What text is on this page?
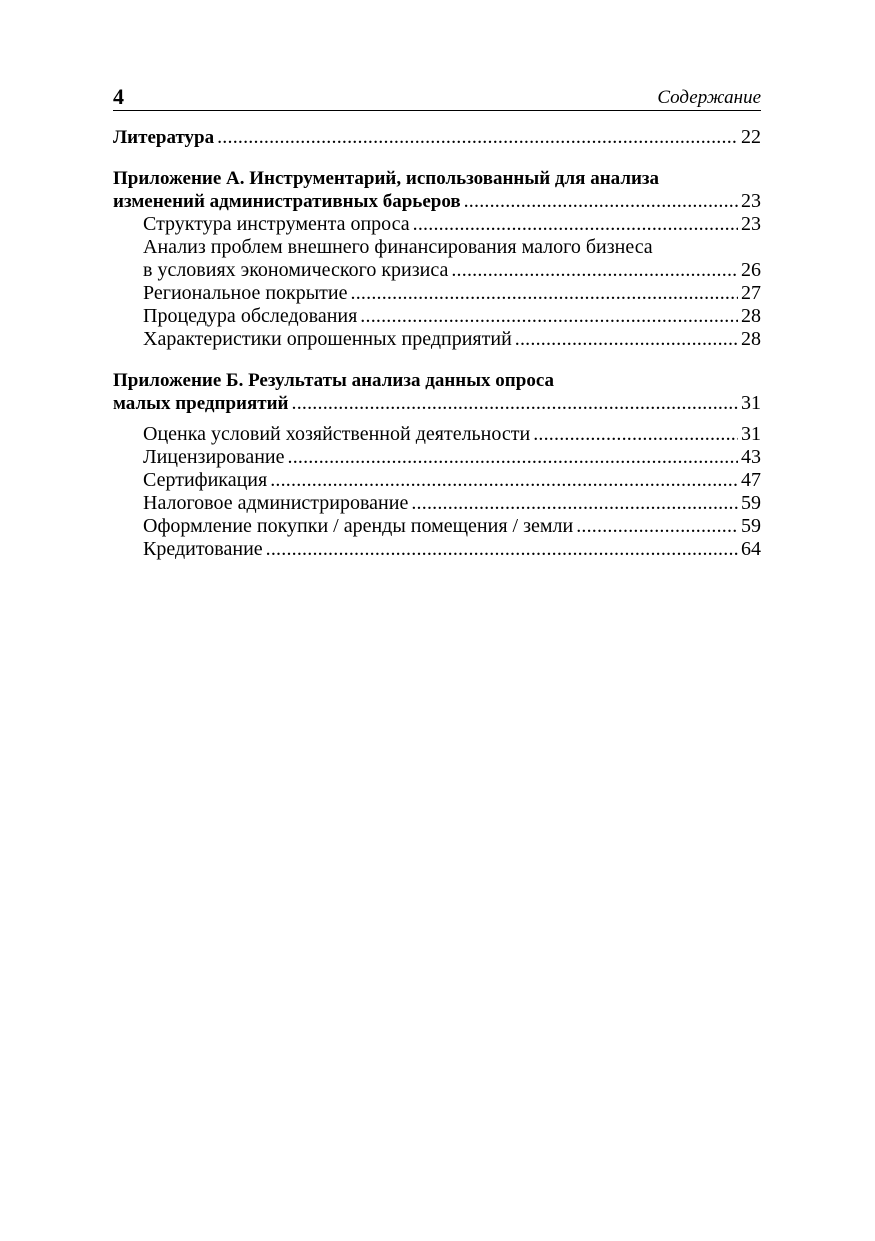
4	Содержание
Литература . . .	22
Приложение А. Инструментарий, использованный для анализа
изменений административных барьеров . . .	23
Структура инструмента опроса . . .	23
Анализ проблем внешнего финансирования малого бизнеса
в условиях экономического кризиса . . .	26
Региональное покрытие . . .	27
Процедура обследования . . .	28
Характеристики опрошенных предприятий . . .	28
Приложение Б. Результаты анализа данных опроса
малых предприятий . . .	31
Оценка условий хозяйственной деятельности . . .	31
Лицензирование . . .	43
Сертификация . . .	47
Налоговое администрирование . . .	59
Оформление покупки / аренды помещения / земли . . .	59
Кредитование . . .	64
